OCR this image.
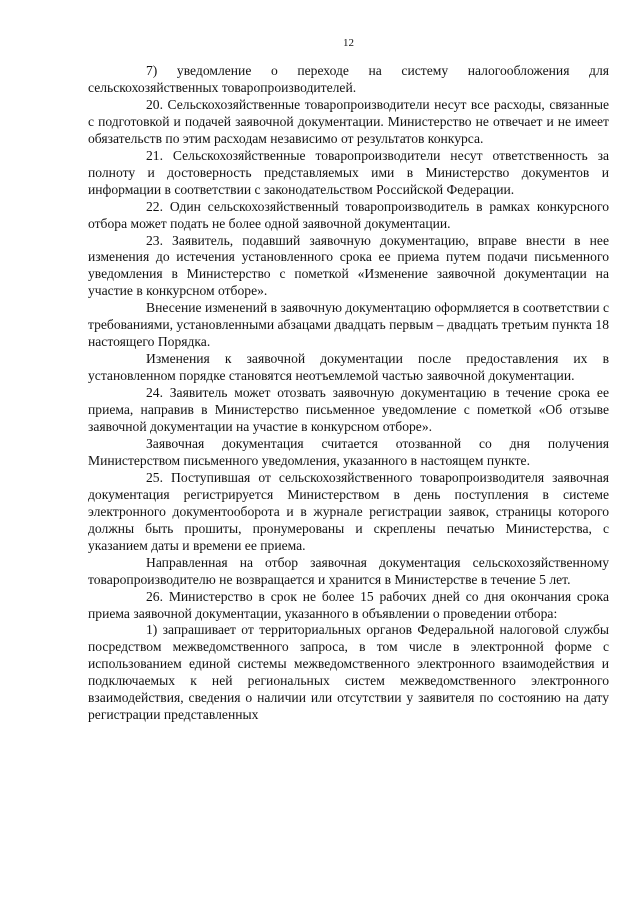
12

7) уведомление о переходе на систему налогообложения для сельскохозяйственных товаропроизводителей.

20. Сельскохозяйственные товаропроизводители несут все расходы, связанные с подготовкой и подачей заявочной документации. Министерство не отвечает и не имеет обязательств по этим расходам независимо от результатов конкурса.

21. Сельскохозяйственные товаропроизводители несут ответственность за полноту и достоверность представляемых ими в Министерство документов и информации в соответствии с законодательством Российской Федерации.

22. Один сельскохозяйственный товаропроизводитель в рамках конкурсного отбора может подать не более одной заявочной документации.

23. Заявитель, подавший заявочную документацию, вправе внести в нее изменения до истечения установленного срока ее приема путем подачи письменного уведомления в Министерство с пометкой «Изменение заявочной документации на участие в конкурсном отборе».

Внесение изменений в заявочную документацию оформляется в соответствии с требованиями, установленными абзацами двадцать первым – двадцать третьим пункта 18 настоящего Порядка.

Изменения к заявочной документации после предоставления их в установленном порядке становятся неотъемлемой частью заявочной документации.

24. Заявитель может отозвать заявочную документацию в течение срока ее приема, направив в Министерство письменное уведомление с пометкой «Об отзыве заявочной документации на участие в конкурсном отборе».

Заявочная документация считается отозванной со дня получения Министерством письменного уведомления, указанного в настоящем пункте.

25. Поступившая от сельскохозяйственного товаропроизводителя заявочная документация регистрируется Министерством в день поступления в системе электронного документооборота и в журнале регистрации заявок, страницы которого должны быть прошиты, пронумерованы и скреплены печатью Министерства, с указанием даты и времени ее приема.

Направленная на отбор заявочная документация сельскохозяйственному товаропроизводителю не возвращается и хранится в Министерстве в течение 5 лет.

26. Министерство в срок не более 15 рабочих дней со дня окончания срока приема заявочной документации, указанного в объявлении о проведении отбора:

1) запрашивает от территориальных органов Федеральной налоговой службы посредством межведомственного запроса, в том числе в электронной форме с использованием единой системы межведомственного электронного взаимодействия и подключаемых к ней региональных систем межведомственного электронного взаимодействия, сведения о наличии или отсутствии у заявителя по состоянию на дату регистрации представленных
